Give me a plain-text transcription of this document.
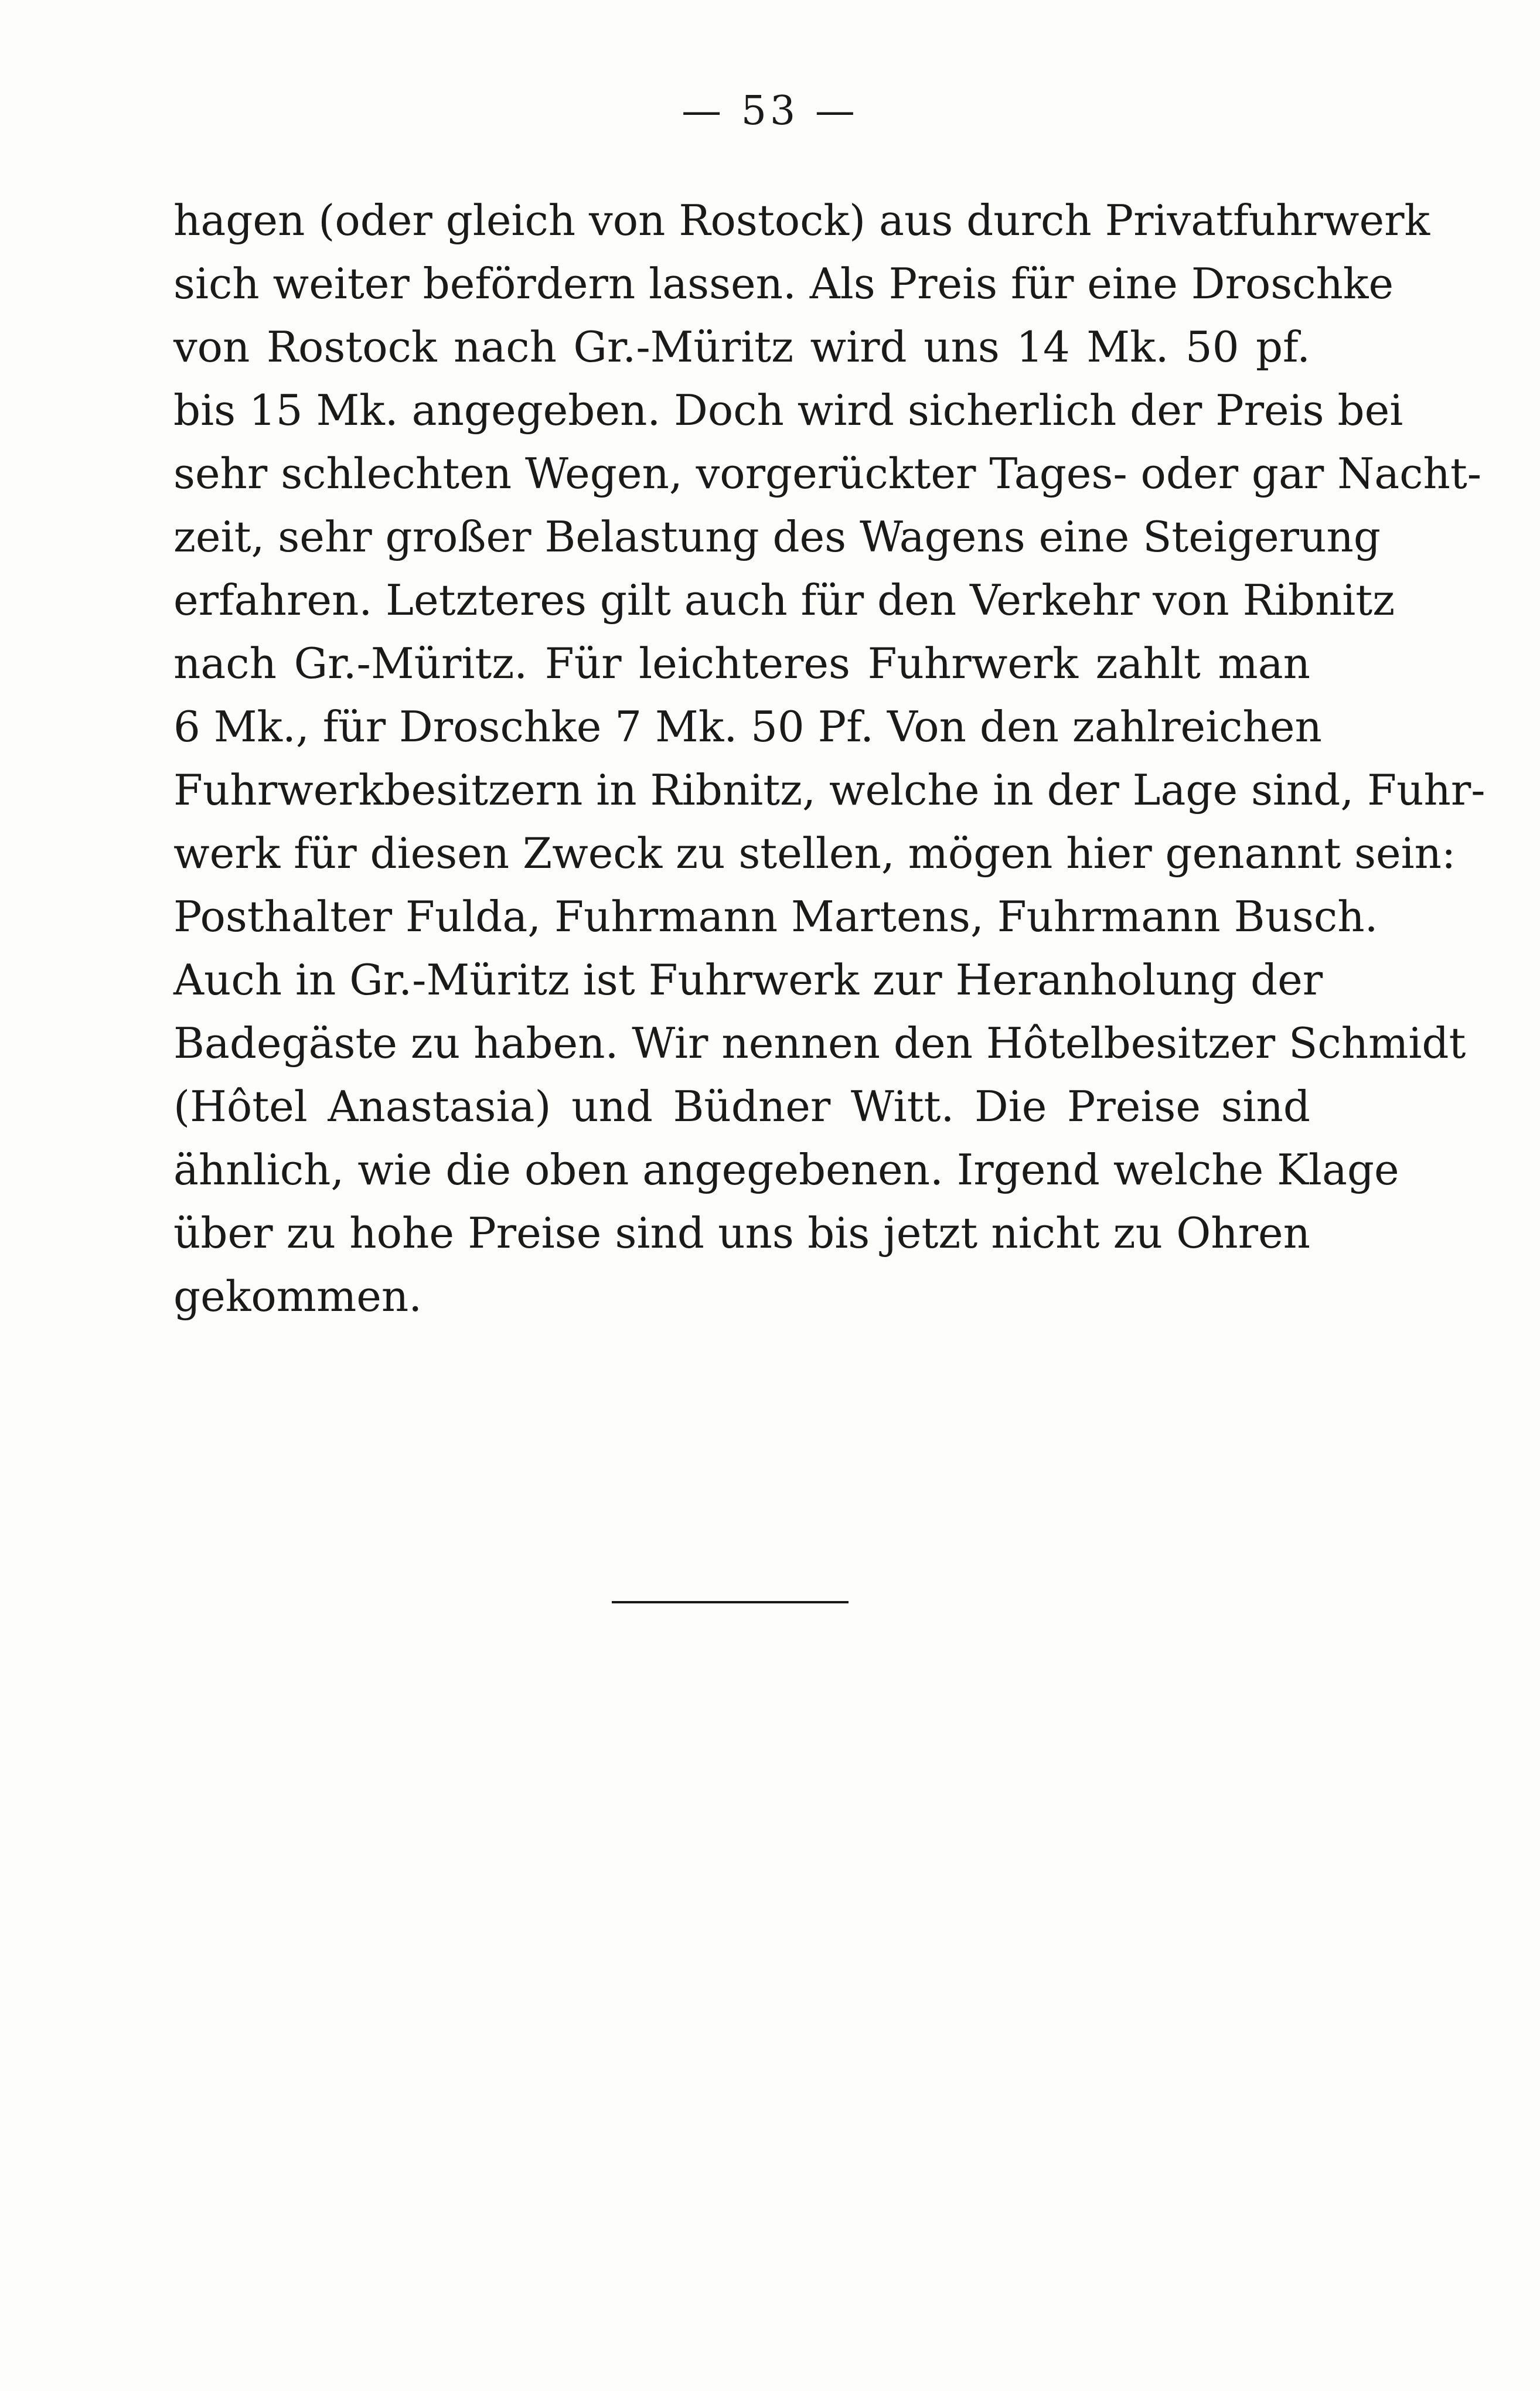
⁠— 53 —
hagen (oder gleich von Rostock) aus durch Privatfuhrwerk
sich weiter befördern lassen. Als Preis für eine Droschke
von Rostock nach Gr.-Müritz wird uns 14 Mk. 50 pf.
bis 15 Mk. angegeben. Doch wird sicherlich der Preis bei
sehr schlechten Wegen, vorgerückter Tages- oder gar Nacht-
zeit, sehr großer Belastung des Wagens eine Steigerung
erfahren. Letzteres gilt auch für den Verkehr von Ribnitz
nach Gr.-Müritz. Für leichteres Fuhrwerk zahlt man
6 Mk., für Droschke 7 Mk. 50 Pf. Von den zahlreichen
Fuhrwerkbesitzern in Ribnitz, welche in der Lage sind, Fuhr-
werk für diesen Zweck zu stellen, mögen hier genannt sein:
Posthalter Fulda, Fuhrmann Martens, Fuhrmann Busch.
Auch in Gr.-Müritz ist Fuhrwerk zur Heranholung der
Badegäste zu haben. Wir nennen den Hôtelbesitzer Schmidt
(Hôtel Anastasia) und Büdner Witt. Die Preise sind
ähnlich, wie die oben angegebenen. Irgend welche Klage
über zu hohe Preise sind uns bis jetzt nicht zu Ohren
gekommen.
